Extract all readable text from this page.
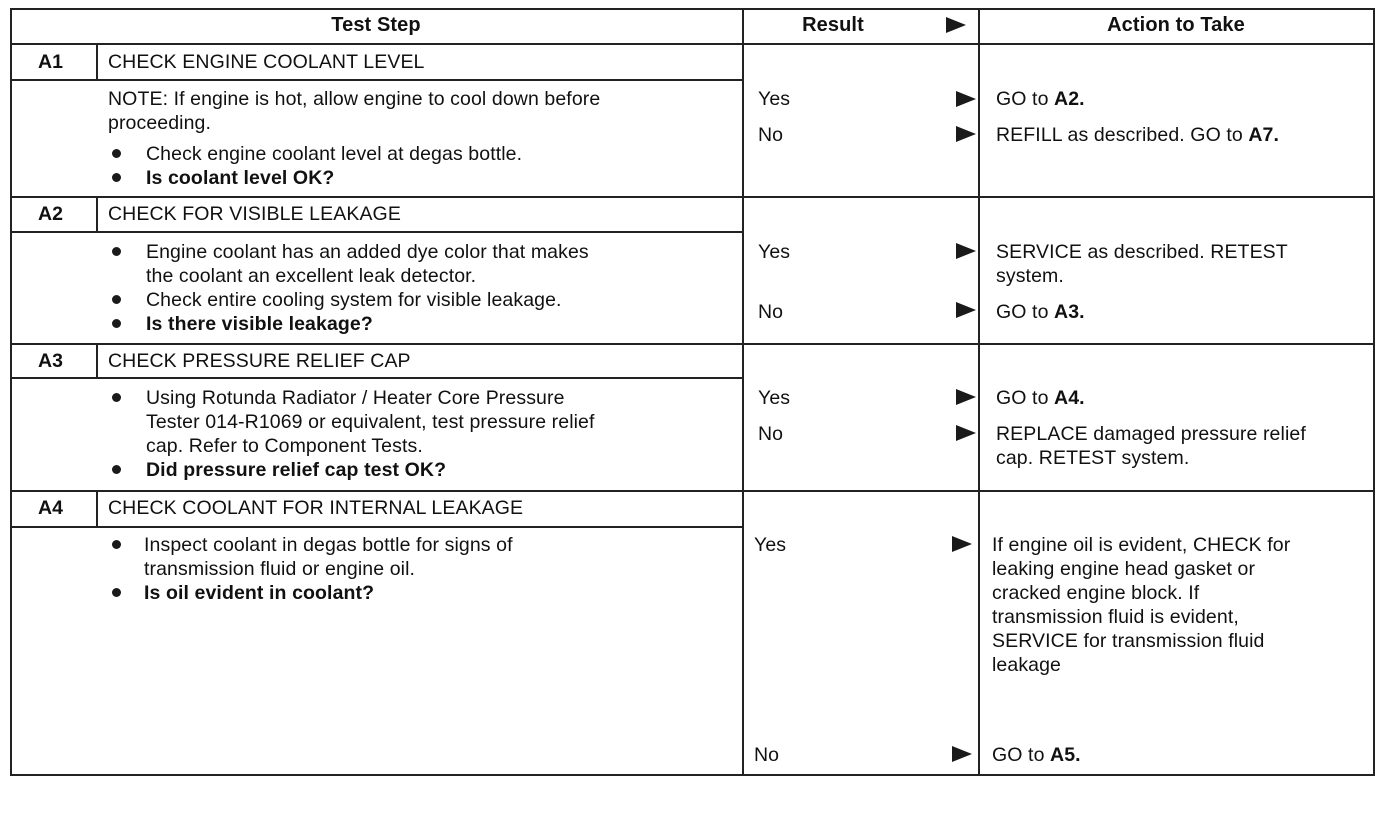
Test Step	Result	Action to Take
A1 CHECK ENGINE COOLANT LEVEL
NOTE: If engine is hot, allow engine to cool down before
proceeding.
Check engine coolant level at degas bottle.
Is coolant level OK?
Yes
No
GO to A2.
REFILL as described. GO to A7.
A2 CHECK FOR VISIBLE LEAKAGE
Engine coolant has an added dye color that makes
the coolant an excellent leak detector.
Check entire cooling system for visible leakage.
Is there visible leakage?
Yes
No
SERVICE as described. RETEST
system.
GO to A3.
A3 CHECK PRESSURE RELIEF CAP
Using Rotunda Radiator / Heater Core Pressure
Tester 014-R1069 or equivalent, test pressure relief
cap. Refer to Component Tests.
Did pressure relief cap test OK?
Yes
No
GO to A4.
REPLACE damaged pressure relief
cap. RETEST system.
A4 CHECK COOLANT FOR INTERNAL LEAKAGE
Inspect coolant in degas bottle for signs of
transmission fluid or engine oil.
Is oil evident in coolant?
Yes
No
If engine oil is evident, CHECK for
leaking engine head gasket or
cracked engine block. If
transmission fluid is evident,
SERVICE for transmission fluid
leakage
GO to A5.
